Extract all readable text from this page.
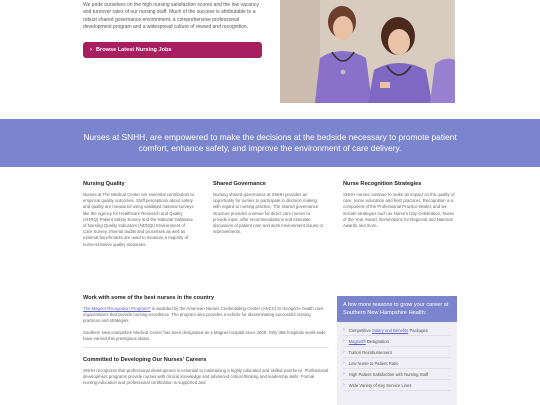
We pride ourselves on the high nursing satisfaction scores and the low vacancy and turnover rates of our nursing staff. Much of the success is attributable to a robust shared governance environment, a comprehensive professional development program and a widespread culture of reward and recognition.

› Browse Latest Nursing Jobs

Nurses at SNHH, are empowered to make the decisions at the bedside necessary to promote patient comfort, enhance safety, and improve the environment of care delivery.

Nursing Quality

Nurses at The Medical Center are essential contributors to empirical quality outcomes. Staff perceptions about safety and quality are measured using validated national surveys like the Agency for Healthcare Research and Quality (AHRQ) Patient Safety Survey and the National Database of Nursing Quality Indicators (NDNQI) Environment of Care Survey. Internal audits and processes as well as external benchmarks are used to measure a majority of nurse-sensitive quality measures.

Shared Governance

Nursing shared governance at SNHH provides an opportunity for nurses to participate in decision making with regard to nursing practice. The shared governance structure provides a venue for direct care nurses to provide input, offer recommendations and stimulate discussion of patient care and work environment issues or improvements.

Nurse Recognition Strategies

SNHH nurses continue to make an impact on the quality of care, nurse education and best practices. Recognition is a component of the Professional Practice Model, and we include strategies such as Nurse's Day Celebration, Nurse of the Year Award, Nominations for Regional and National Awards and more.

Work with some of the best nurses in the country

The Magnet Recognition Program® is awarded by the American Nurses Credentialing Center (ANCC) to recognize health care organizations that provide nursing excellence. The program also provides a vehicle for disseminating successful nursing practices and strategies.

Southern New Hampshire Medical Center has been designated as a Magnet hospital since 2009. Only 386 hospitals world-wide have earned this prestigious status.

Committed to Developing Our Nurses' Careers

SNHH recognizes that professional development is essential to maintaining a highly educated and skilled workforce. Professional development programs provide nurses with clinical knowledge and advanced critical thinking and leadership skills. Formal nursing education and professional certification is supported and

A few more reasons to grow your career at Southern New Hampshire Health:
› Competitive Salary and Benefits Packages
› Magnet® Designation
› Tuition Reimbursement
› Low Nurse to Patient Ratio
› High Patient Satisfaction with Nursing Staff
› Wide Variety of Key Service Lines
